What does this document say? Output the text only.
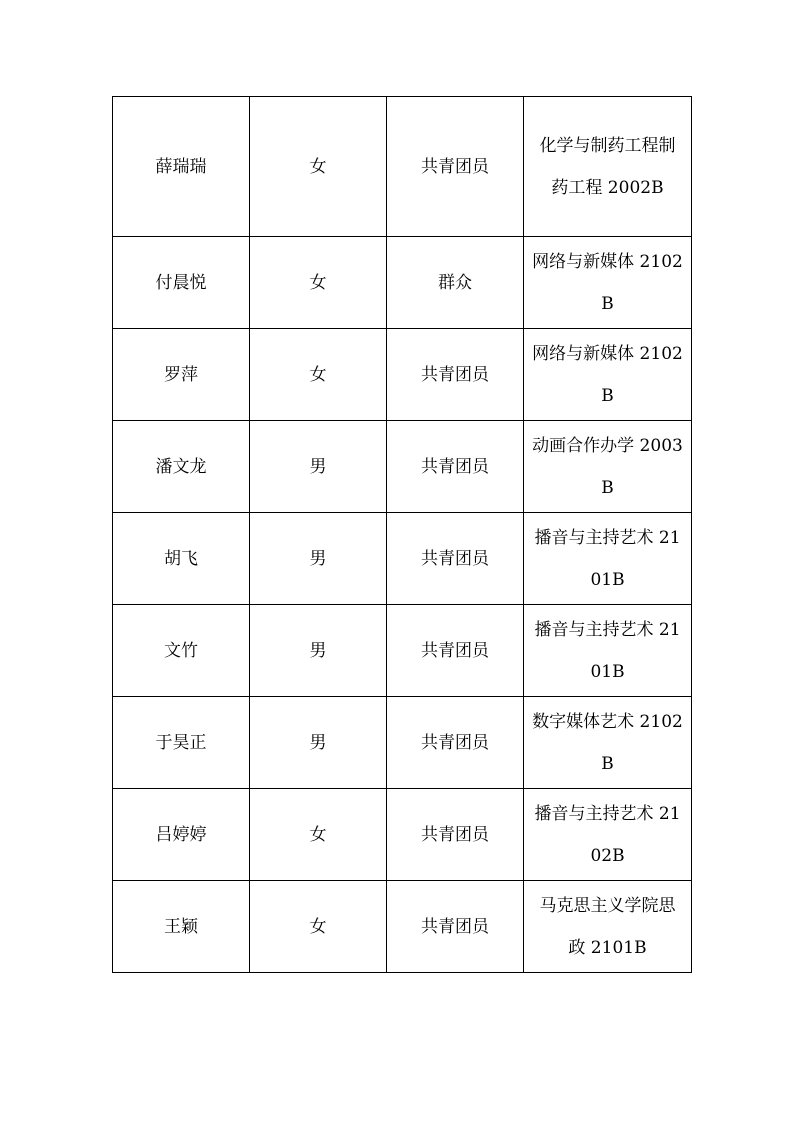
薛瑞瑞	女	共青团员	化学与制药工程制药工程 2002B

付晨悦	女	群众	网络与新媒体 2102B

罗萍	女	共青团员	网络与新媒体 2102B

潘文龙	男	共青团员	动画合作办学 2003B

胡飞	男	共青团员	播音与主持艺术 2101B

文竹	男	共青团员	播音与主持艺术 2101B

于昊正	男	共青团员	数字媒体艺术 2102B

吕婷婷	女	共青团员	播音与主持艺术 2102B

王颖	女	共青团员	马克思主义学院思政 2101B
